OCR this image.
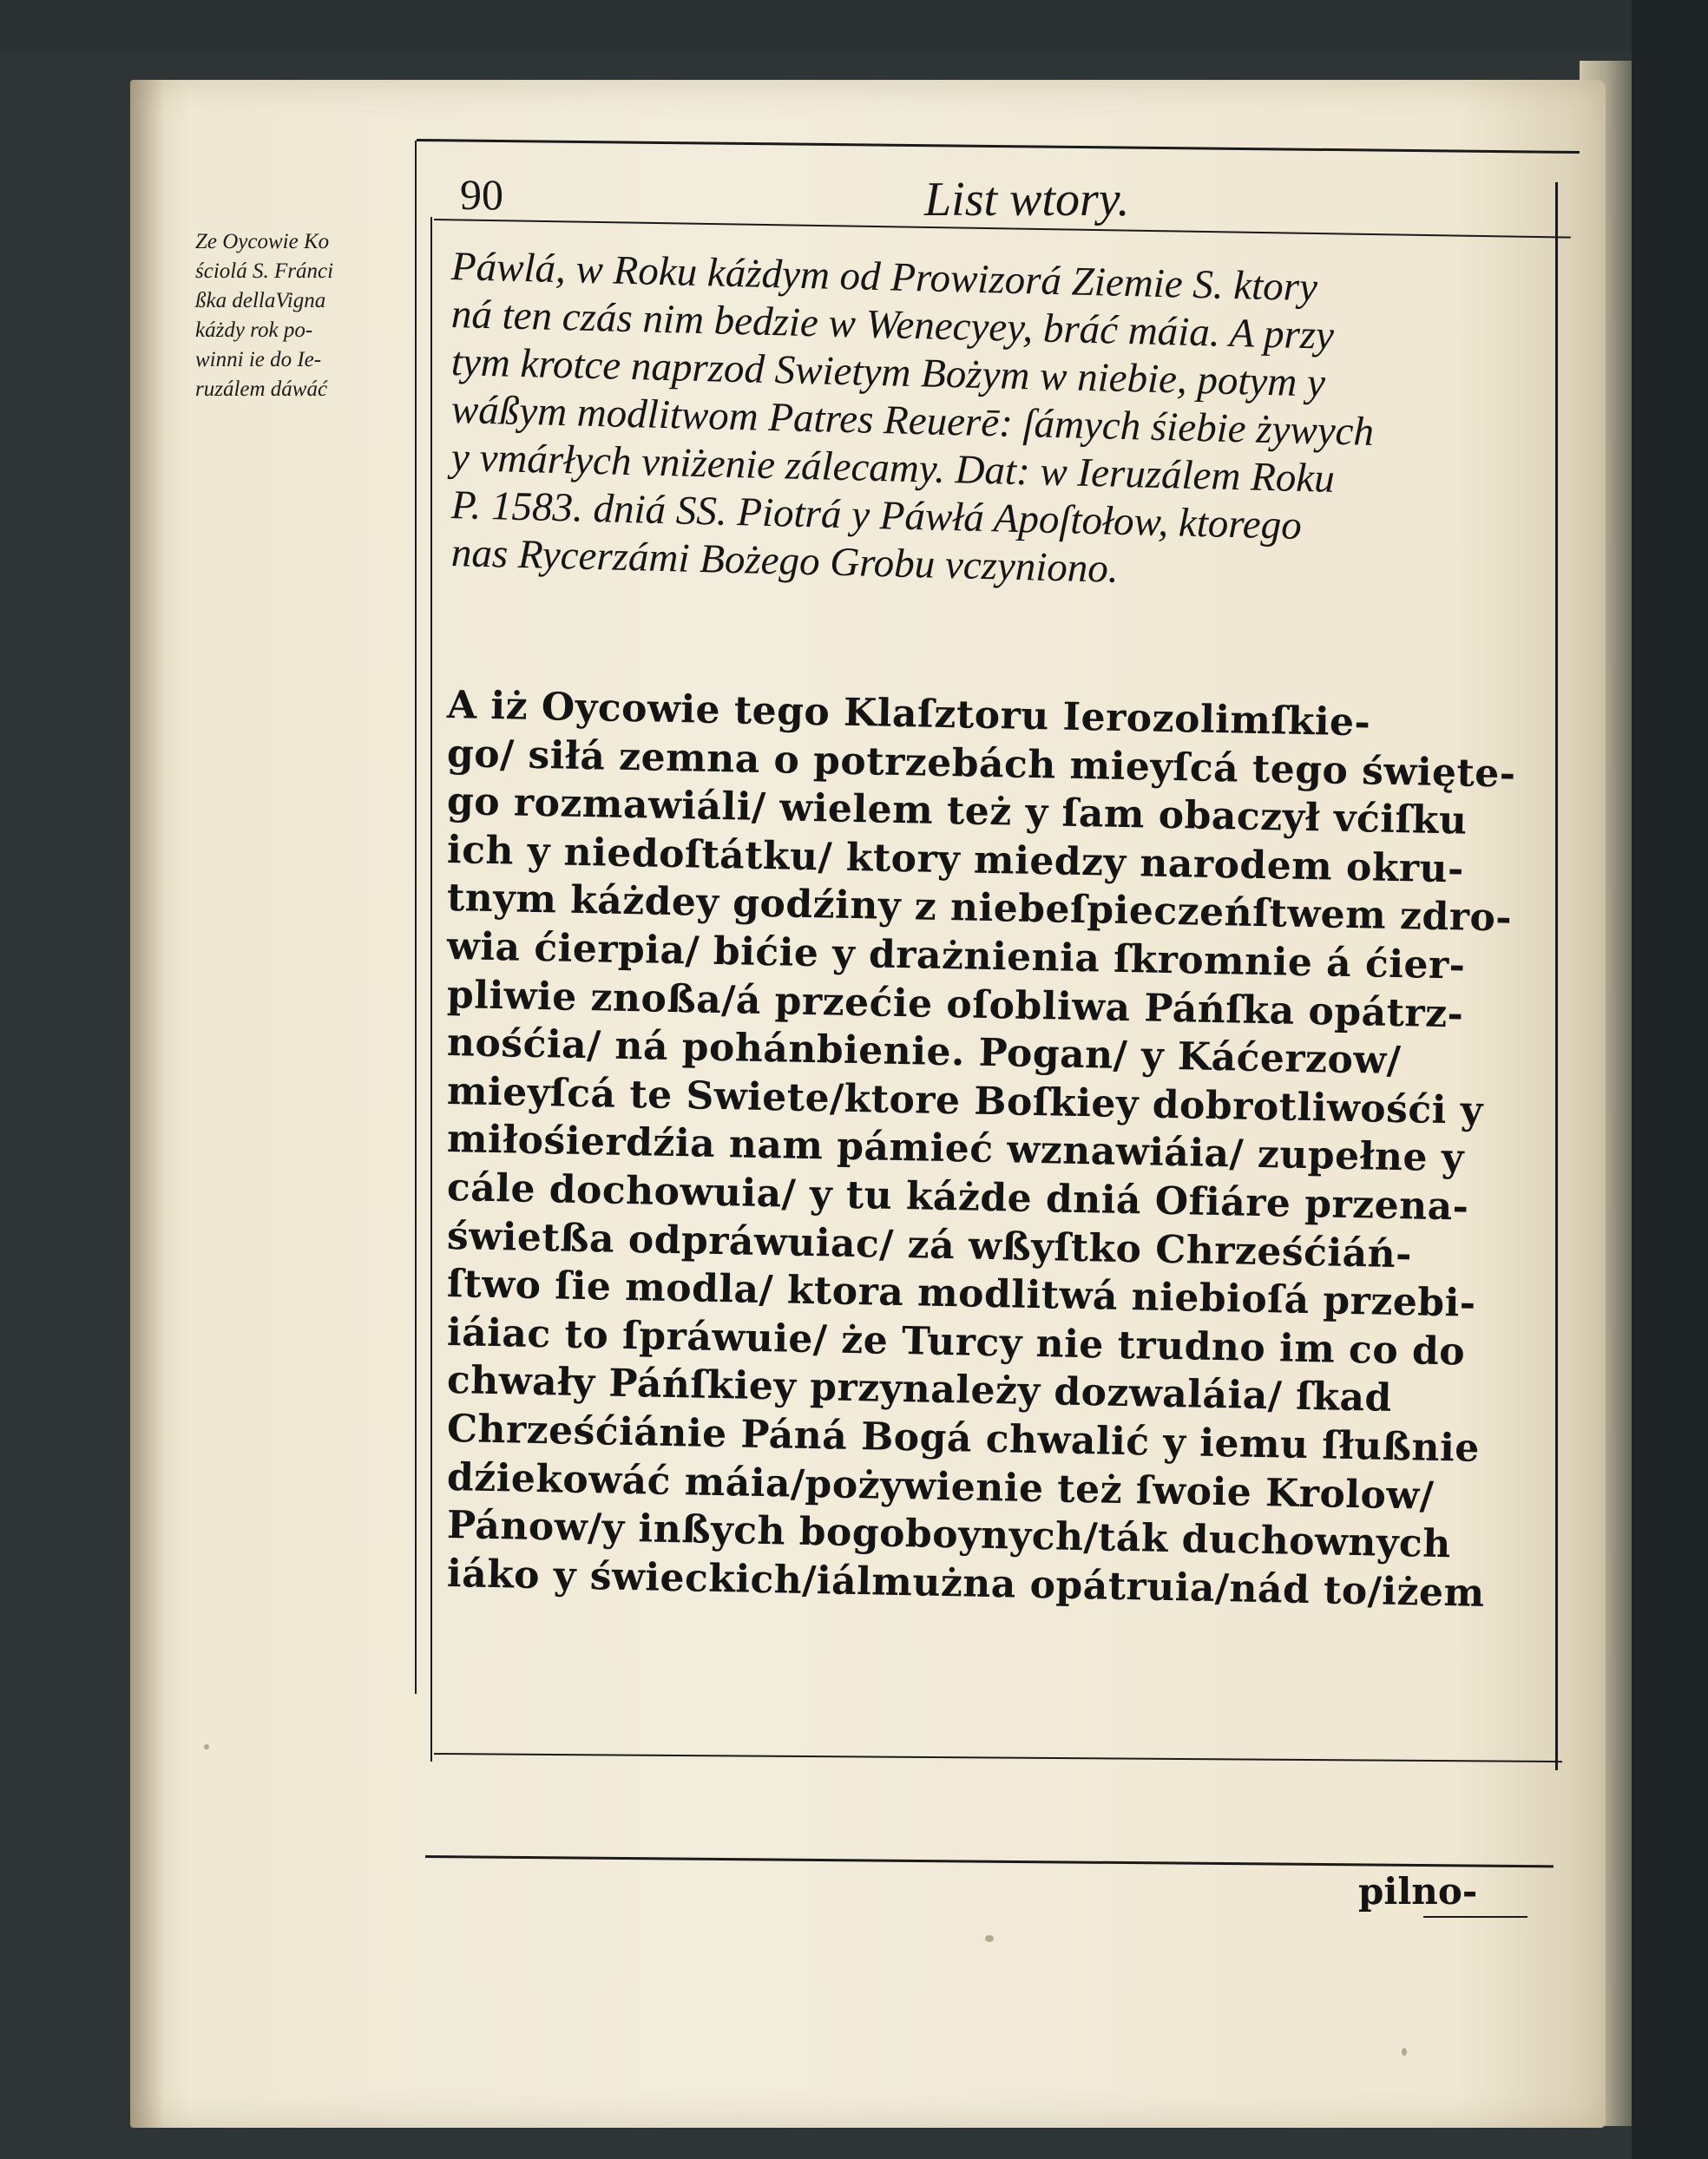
Ze Oycowie Ko
ściolá S. Fránci
ßka dellaVigna
káżdy rok po-
winni ie do Ie-
ruzálem dáwáć
90	List wtory.
Páwlá, w Roku káżdym od Prowizorá Ziemie S. ktory
ná ten czás nim bedzie w Wenecyey, bráć máia. A przy
tym krotce naprzod Swietym Bożym w niebie, potym y
wáßym modlitwom Patres Reuerē: ſámych śiebie żywych
y vmárłych vniżenie zálecamy. Dat: w Ieruzálem Roku
P. 1583. dniá SS. Piotrá y Páwłá Apoſtołow, ktorego
nas Rycerzámi Bożego Grobu vczyniono.
A iż Oycowie tego Klaſztoru Ierozolimſkie-
go/ siłá zemna o potrzebách mieyſcá tego święte-
go rozmawiáli/ wielem też y ſam obaczył vćiſku
ich y niedoſtátku/ ktory miedzy narodem okru-
tnym káżdey godźiny z niebeſpieczeńſtwem zdro-
wia ćierpia/ bićie y drażnienia ſkromnie á ćier-
pliwie znoßa/á przećie oſobliwa Páńſka opátrz-
nośćia/ ná pohánbienie. Pogan/ y Káćerzow/
mieyſcá te Swiete/ktore Boſkiey dobrotliwośći y
miłośierdźia nam pámieć wznawiáia/ zupełne y
cále dochowuia/ y tu káżde dniá Ofiáre przena-
świetßa odpráwuiac/ zá wßyſtko Chrześćiáń-
ſtwo ſie modla/ ktora modlitwá niebioſá przebi-
iáiac to ſpráwuie/ że Turcy nie trudno im co do
chwały Páńſkiey przynależy dozwaláia/ ſkad
Chrześćiánie Páná Bogá chwalić y iemu ſłußnie
dźiekowáć máia/pożywienie też ſwoie Krolow/
Pánow/y inßych bogoboynych/ták duchownych
iáko y świeckich/iálmużna opátruia/nád to/iżem
pilno-
